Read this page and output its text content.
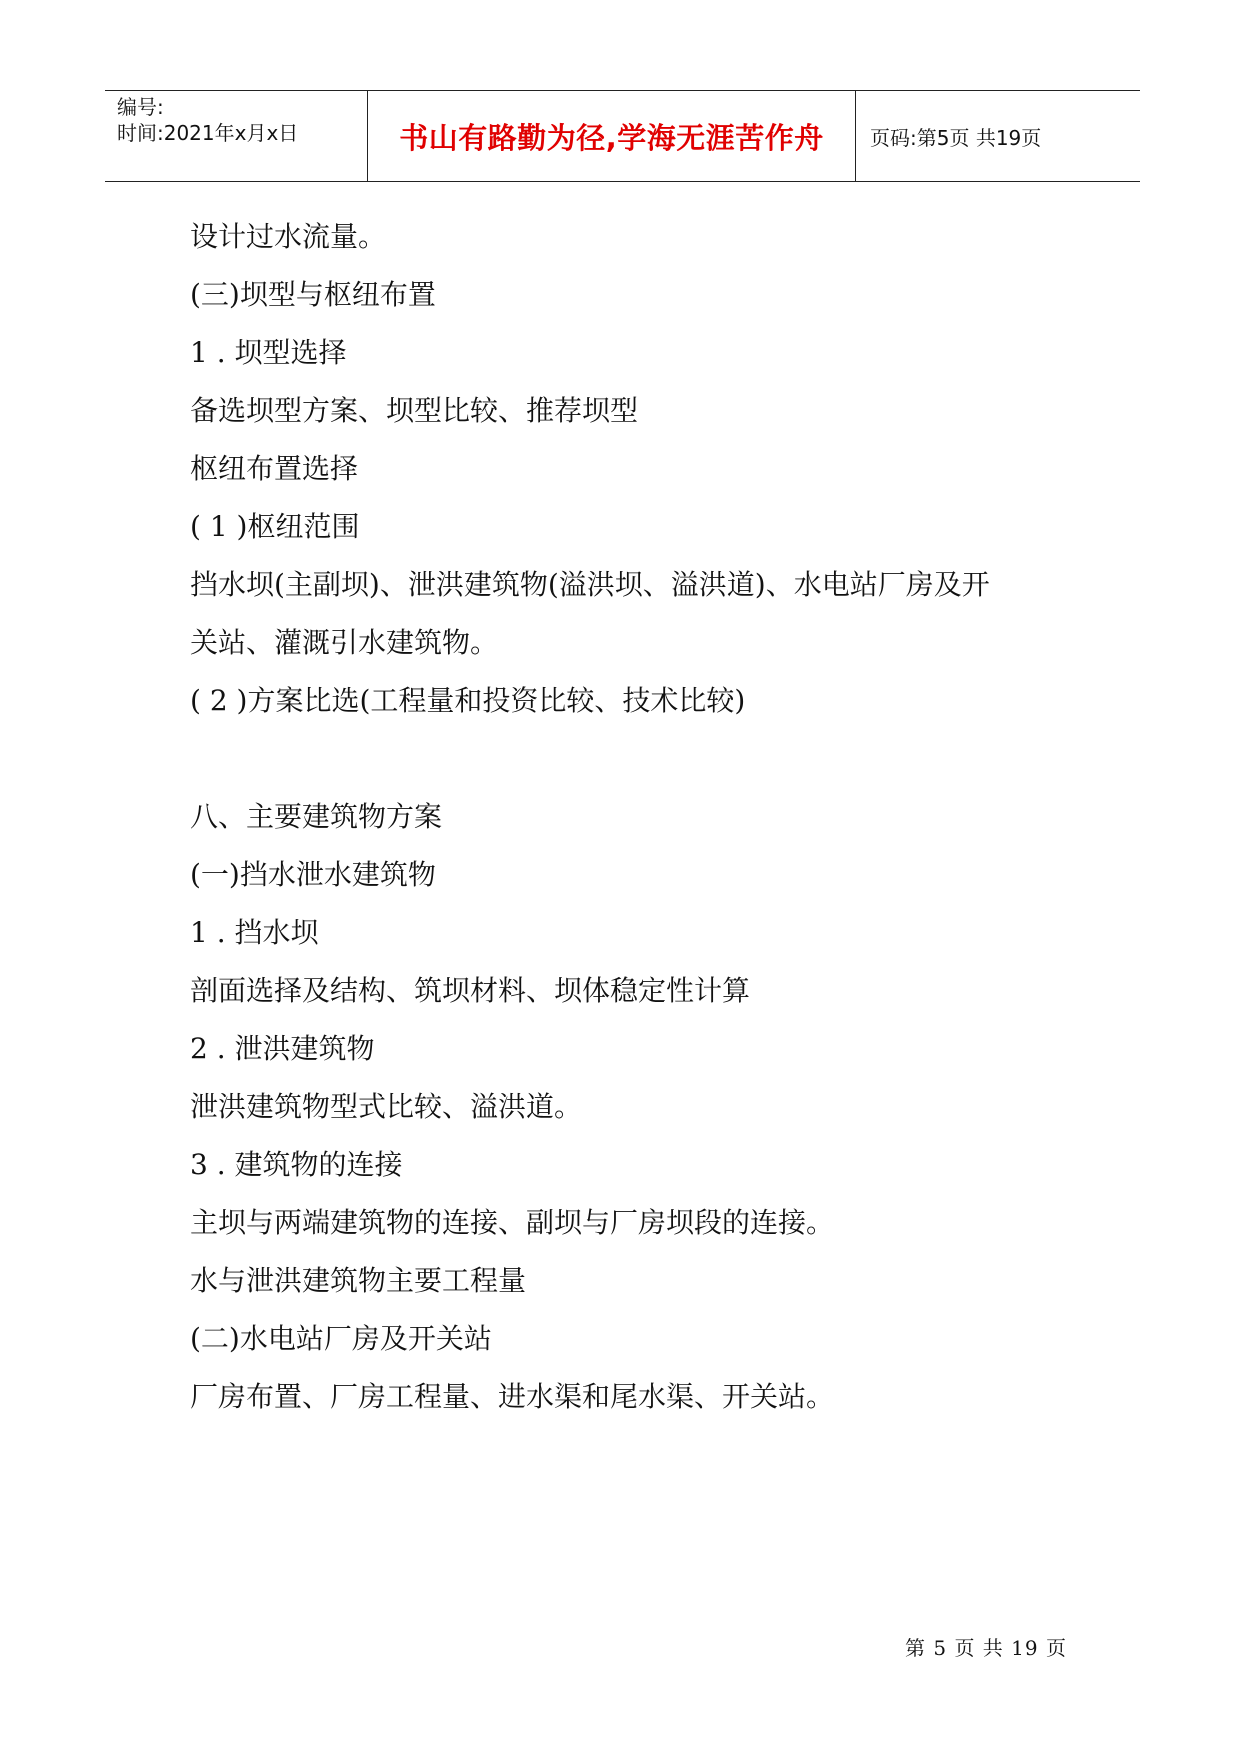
编号:
时间:2021年x月x日	书山有路勤为径,学海无涯苦作舟 页码:第5页 共19页
设计过水流量。
(三)坝型与枢纽布置
1 . 坝型选择
备选坝型方案、坝型比较、推荐坝型
枢纽布置选择
( 1 )枢纽范围
挡水坝(主副坝)、泄洪建筑物(溢洪坝、溢洪道)、水电站厂房及开
关站、灌溉引水建筑物。
( 2 )方案比选(工程量和投资比较、技术比较)
八、主要建筑物方案
(一)挡水泄水建筑物
1 . 挡水坝
剖面选择及结构、筑坝材料、坝体稳定性计算
2 . 泄洪建筑物
泄洪建筑物型式比较、溢洪道。
3 . 建筑物的连接
主坝与两端建筑物的连接、副坝与厂房坝段的连接。
水与泄洪建筑物主要工程量
(二)水电站厂房及开关站
厂房布置、厂房工程量、进水渠和尾水渠、开关站。
第 5 页 共 19 页
